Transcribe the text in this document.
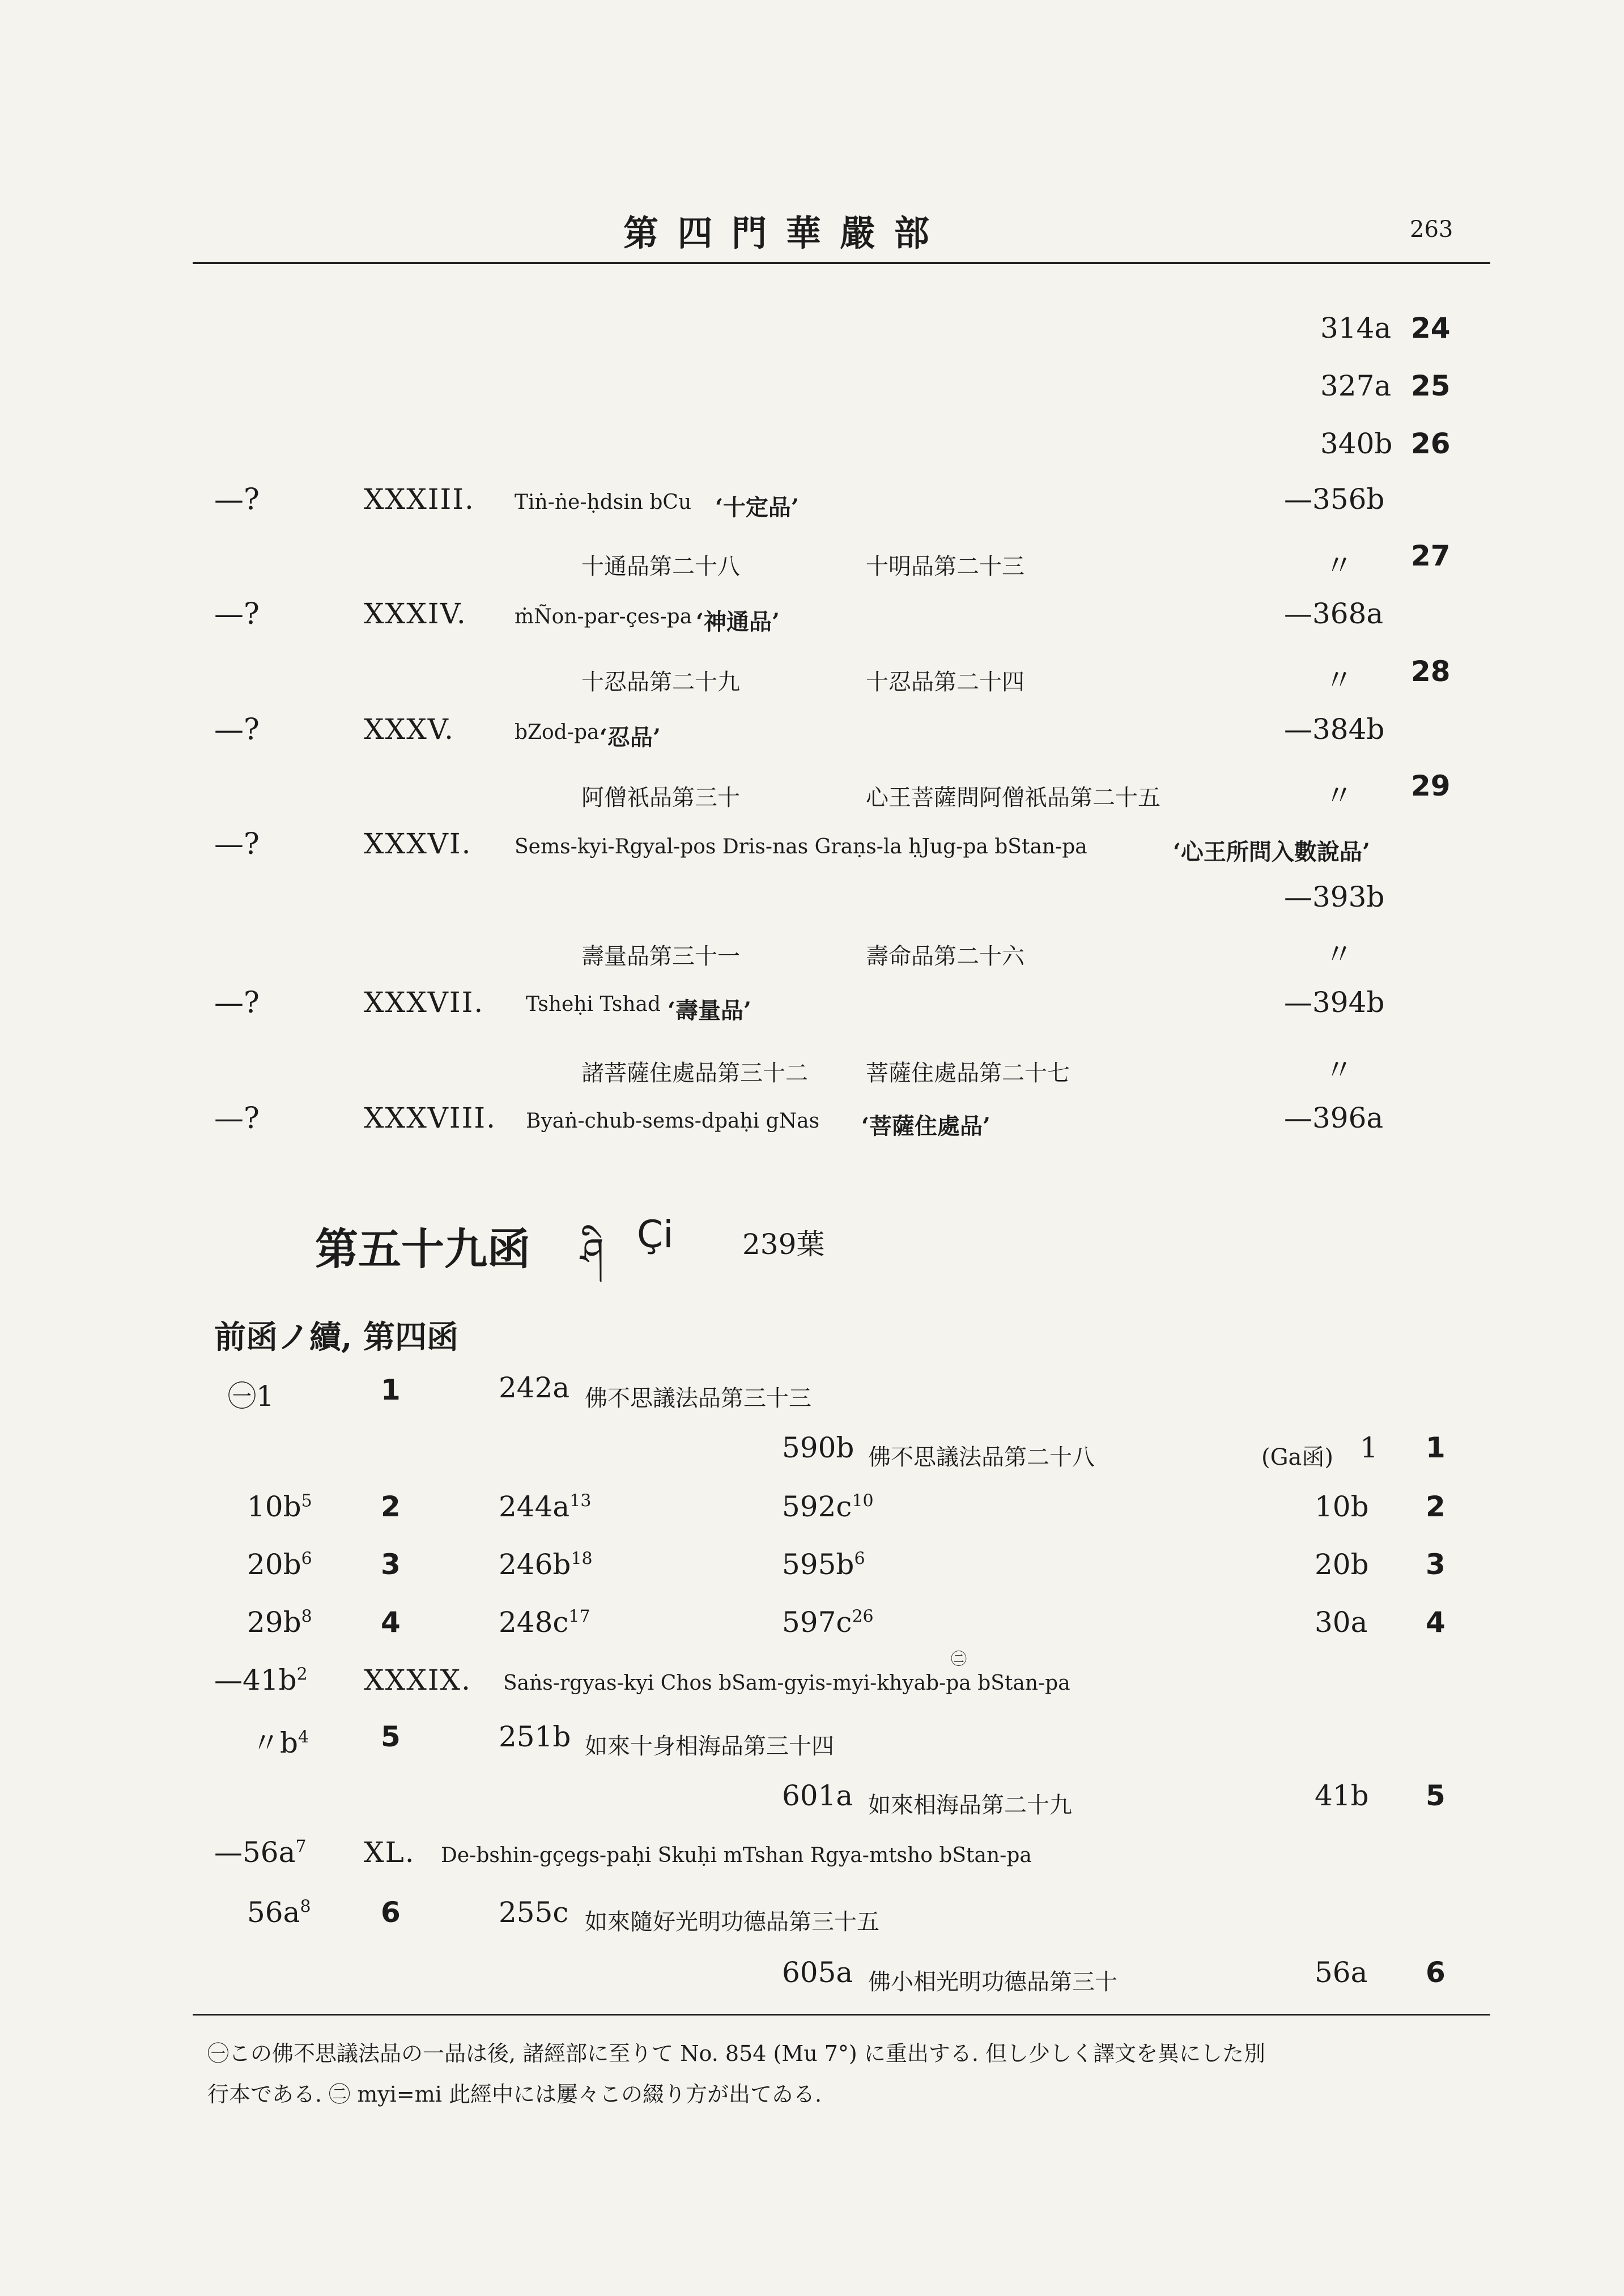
第 四 門 華 嚴 部	263
314a 24
327a 25
340b 26
—?	XXXIII. Tiṅ-ṅe-ḥdsin bCu ‘十定品’	—356b
十通品第二十八	十明品第二十三	〃 27
—?	XXXIV. ṁÑon-par-çes-pa ‘神通品’	—368a
十忍品第二十九	十忍品第二十四	〃 28
—?	XXXV.	bZod-pa ‘忍品’	—384b
阿僧祇品第三十	心王菩薩問阿僧祇品第二十五	〃 29
—?	XXXVI. Sems-kyi-Rgyal-pos Dris-nas Graṇs-la ḥJug-pa bStan-pa	‘心王所問入數說品’
—393b
壽量品第三十一	壽命品第二十六	〃
—?	XXXVII. Tsheḥi Tshad ‘壽量品’	—394b
諸菩薩住處品第三十二	菩薩住處品第二十七	〃
—?	XXXVIII. Byaṅ-chub-sems-dpaḥi gNas ‘菩薩住處品’	—396a
第五十九函 ཤི Çi 239葉
前函ノ續, 第四函
㊀1	1	242a 佛不思議法品第三十三
590b 佛不思議法品第二十八	(Ga函) 1 1
$10b^5$ 2	$244a^{13}$	$592c^{10}$	10b 2
$20b^6$ 3	$246b^{18}$	$595b^6$	20b 3
$29b^8$ 4	$248c^{17}$	$597c^{26}$	30a 4
$—41b^2$ XXXIX. Saṅs-rgyas-kyi Chos bSam-gyis-myi-khyab-pa bStan-pa
㊁
〃$b^4$	5	251b 如來十身相海品第三十四
601a 如來相海品第二十九	41b 5
$—56a^7$ XL. De-bshin-gçegs-paḥi Skuḥi mTshan Rgya-mtsho bStan-pa
$56a^8$ 6	255c 如來隨好光明功德品第三十五
605a 佛小相光明功德品第三十	56a 6
㊀この佛不思議法品の一品は後, 諸經部に至りて No. 854 (Mu 7°) に重出する. 但し少しく譯文を異にした別
行本である. ㊁ myi=mi 此經中には屢々この綴り方が出てゐる.
